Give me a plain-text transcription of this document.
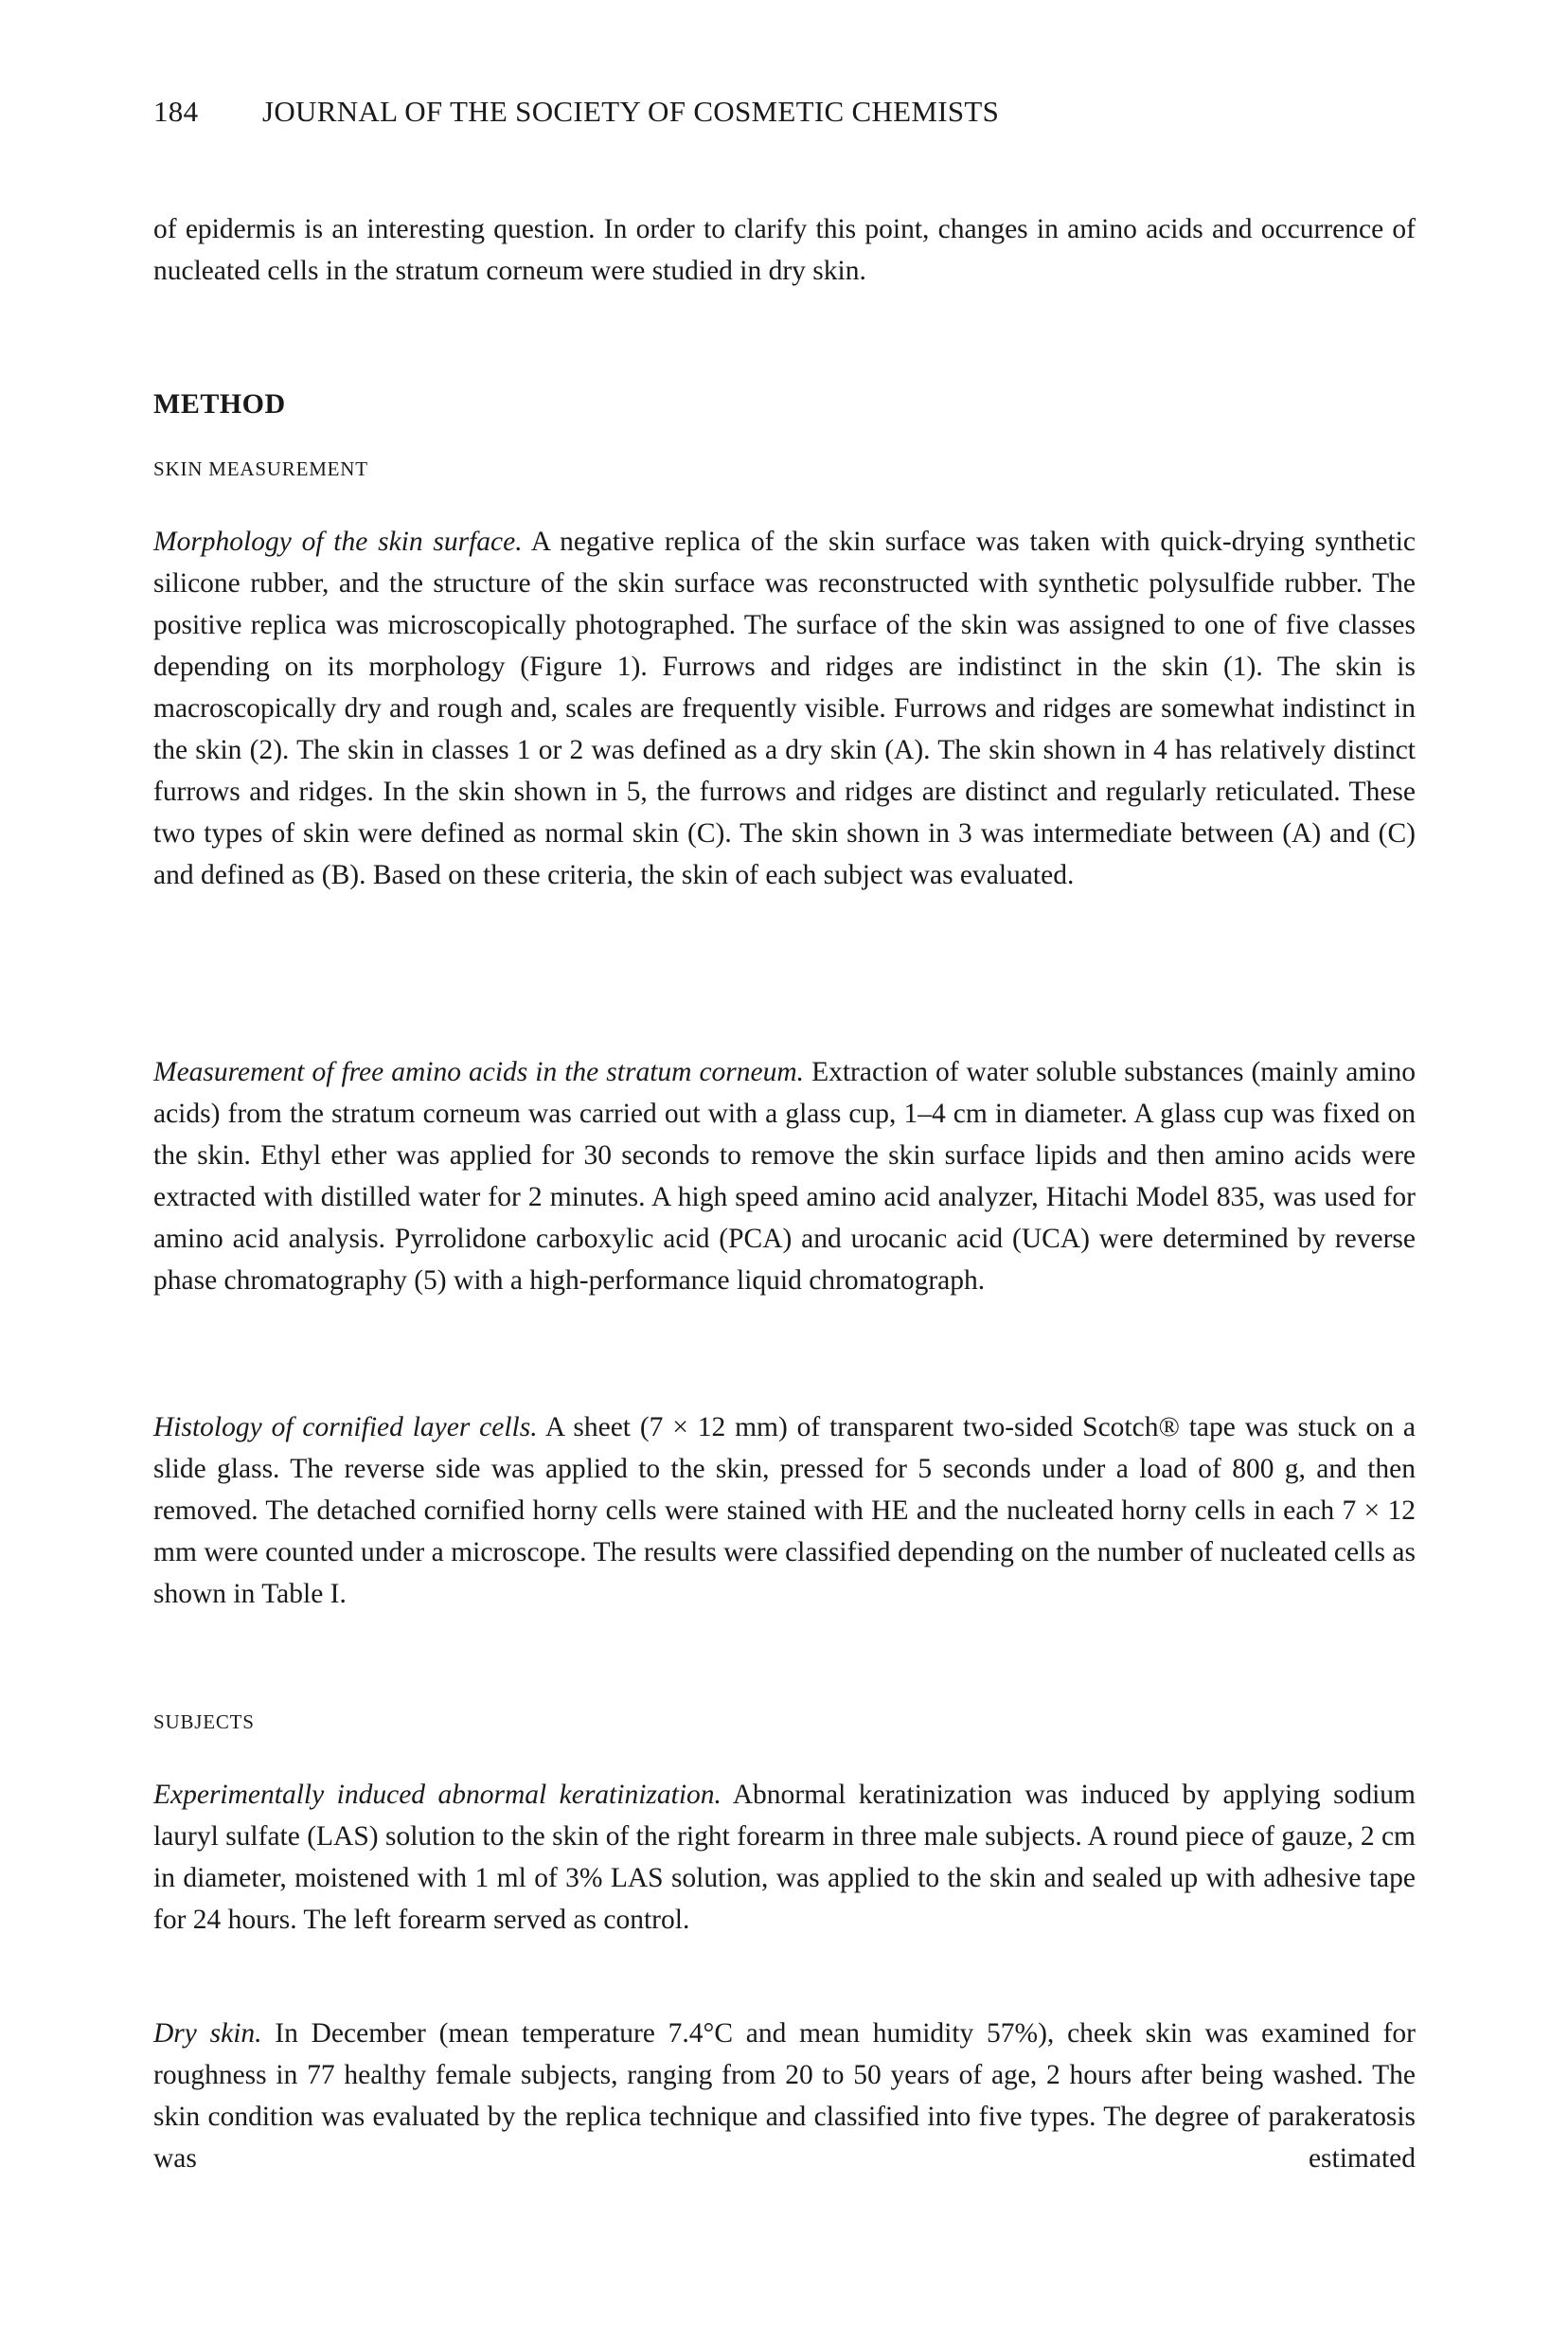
184 JOURNAL OF THE SOCIETY OF COSMETIC CHEMISTS

of epidermis is an interesting question. In order to clarify this point, changes in amino acids and occurrence of nucleated cells in the stratum corneum were studied in dry skin.

METHOD
SKIN MEASUREMENT

Morphology of the skin surface. A negative replica of the skin surface was taken with quick-drying synthetic silicone rubber, and the structure of the skin surface was reconstructed with synthetic polysulfide rubber. The positive replica was microscopically photographed. The surface of the skin was assigned to one of five classes depending on its morphology (Figure 1). Furrows and ridges are indistinct in the skin (1). The skin is macroscopically dry and rough and, scales are frequently visible. Furrows and ridges are somewhat indistinct in the skin (2). The skin in classes 1 or 2 was defined as a dry skin (A). The skin shown in 4 has relatively distinct furrows and ridges. In the skin shown in 5, the furrows and ridges are distinct and regularly reticulated. These two types of skin were defined as normal skin (C). The skin shown in 3 was intermediate between (A) and (C) and defined as (B). Based on these criteria, the skin of each subject was evaluated.

Measurement of free amino acids in the stratum corneum. Extraction of water soluble substances (mainly amino acids) from the stratum corneum was carried out with a glass cup, 1–4 cm in diameter. A glass cup was fixed on the skin. Ethyl ether was applied for 30 seconds to remove the skin surface lipids and then amino acids were extracted with distilled water for 2 minutes. A high speed amino acid analyzer, Hitachi Model 835, was used for amino acid analysis. Pyrrolidone carboxylic acid (PCA) and urocanic acid (UCA) were determined by reverse phase chromatography (5) with a high-performance liquid chromatograph.

Histology of cornified layer cells. A sheet (7 × 12 mm) of transparent two-sided Scotch® tape was stuck on a slide glass. The reverse side was applied to the skin, pressed for 5 seconds under a load of 800 g, and then removed. The detached cornified horny cells were stained with HE and the nucleated horny cells in each 7 × 12 mm were counted under a microscope. The results were classified depending on the number of nucleated cells as shown in Table I.

SUBJECTS

Experimentally induced abnormal keratinization. Abnormal keratinization was induced by applying sodium lauryl sulfate (LAS) solution to the skin of the right forearm in three male subjects. A round piece of gauze, 2 cm in diameter, moistened with 1 ml of 3% LAS solution, was applied to the skin and sealed up with adhesive tape for 24 hours. The left forearm served as control.

Dry skin. In December (mean temperature 7.4°C and mean humidity 57%), cheek skin was examined for roughness in 77 healthy female subjects, ranging from 20 to 50 years of age, 2 hours after being washed. The skin condition was evaluated by the replica technique and classified into five types. The degree of parakeratosis was estimated
